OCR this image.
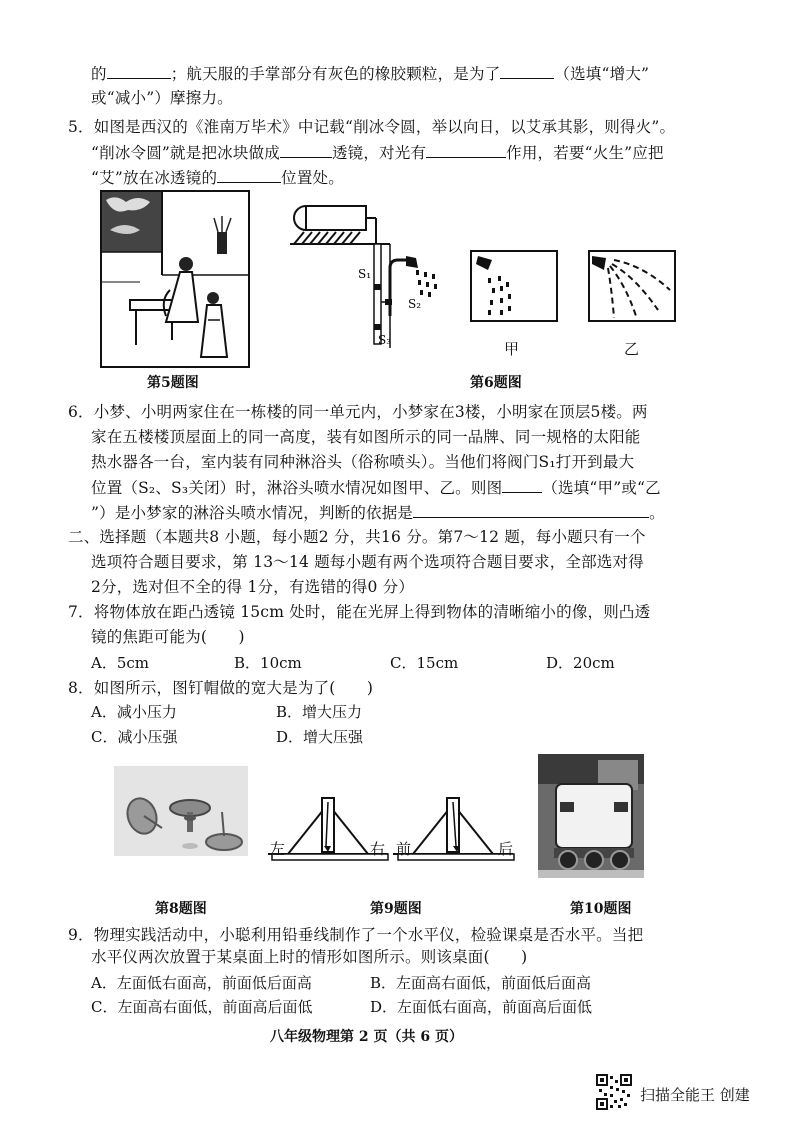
的	；航天服的手掌部分有灰色的橡胶颗粒，是为了	（选填“增大”
或“减小”）摩擦力。
5．如图是西汉的《淮南万毕术》中记载“削冰令圆，举以向日，以艾承其影，则得火”。
“削冰令圆”就是把冰块做成	透镜，对光有	作用，若要“火生”应把
“艾”放在冰透镜的	位置处。
第5题图
S₁
S₂
S₃	甲	乙
第6题图
6．小梦、小明两家住在一栋楼的同一单元内，小梦家在3楼，小明家在顶层5楼。两
家在五楼楼顶屋面上的同一高度，装有如图所示的同一品牌、同一规格的太阳能
热水器各一台，室内装有同种淋浴头（俗称喷头）。当他们将阀门S₁打开到最大
位置（S₂、S₃关闭）时，淋浴头喷水情况如图甲、乙。则图	（选填“甲”或“乙
”）是小梦家的淋浴头喷水情况，判断的依据是	。
二、选择题（本题共8 小题，每小题2 分，共16 分。第7～12 题，每小题只有一个
选项符合题目要求，第 13～14 题每小题有两个选项符合题目要求，全部选对得
2分，选对但不全的得 1分，有选错的得0 分）
7．将物体放在距凸透镜 15cm 处时，能在光屏上得到物体的清晰缩小的像，则凸透
镜的焦距可能为(　　)
A．5cm	B．10cm	C．15cm	D．20cm
8．如图所示，图钉帽做的宽大是为了(　　)
A．减小压力	B．增大压力
C．减小压强	D．增大压强
第8题图
左	右 前	后
第9题图	第10题图
9．物理实践活动中，小聪利用铅垂线制作了一个水平仪，检验课桌是否水平。当把
水平仪两次放置于某桌面上时的情形如图所示。则该桌面(　　)
A．左面低右面高，前面低后面高	B．左面高右面低，前面低后面高
C．左面高右面低，前面高后面低	D．左面低右面高，前面高后面低
八年级物理第 2 页（共 6 页）
扫描全能王 创建
